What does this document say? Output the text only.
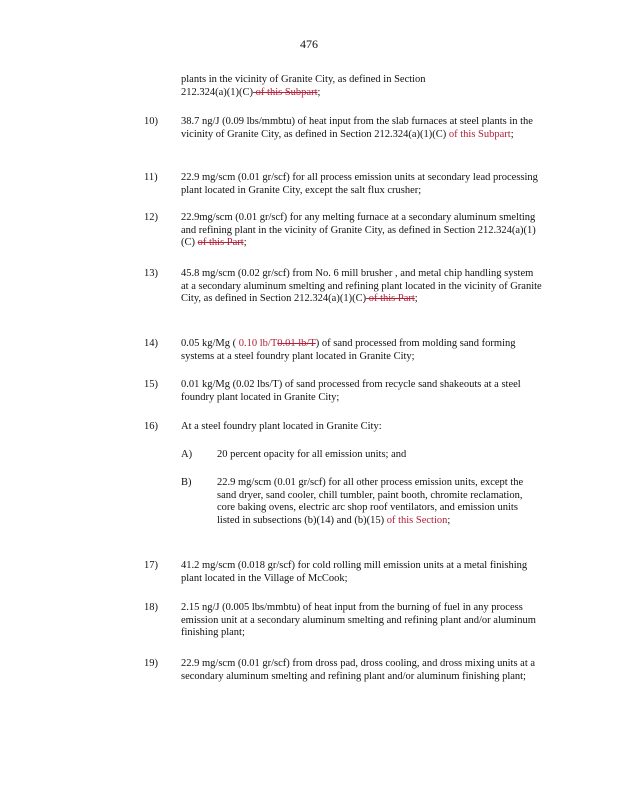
476
plants in the vicinity of Granite City, as defined in Section
212.324(a)(1)(C) of this Subpart;
10)	38.7 ng/J (0.09 lbs/mmbtu) of heat input from the slab furnaces at steel plants in the vicinity of Granite City, as defined in Section 212.324(a)(1)(C) of this Subpart;
11)	22.9 mg/scm (0.01 gr/scf) for all process emission units at secondary lead processing plant located in Granite City, except the salt flux crusher;
12)	22.9mg/scm (0.01 gr/scf) for any melting furnace at a secondary aluminum smelting and refining plant in the vicinity of Granite City, as defined in Section 212.324(a)(1)(C) of this Part;
13)	45.8 mg/scm (0.02 gr/scf) from No. 6 mill brusher , and metal chip handling system at a secondary aluminum smelting and refining plant located in the vicinity of Granite City, as defined in Section 212.324(a)(1)(C) of this Part;
14)	0.05 kg/Mg ( 0.10 lb/T0.01 lb/T) of sand processed from molding sand forming systems at a steel foundry plant located in Granite City;
15)	0.01 kg/Mg (0.02 lbs/T) of sand processed from recycle sand shakeouts at a steel foundry plant located in Granite City;
16)	At a steel foundry plant located in Granite City:
A) 20 percent opacity for all emission units; and
B) 22.9 mg/scm (0.01 gr/scf) for all other process emission units, except the sand dryer, sand cooler, chill tumbler, paint booth, chromite reclamation, core baking ovens, electric arc shop roof ventilators, and emission units listed in subsections (b)(14) and (b)(15) of this Section;
17)	41.2 mg/scm (0.018 gr/scf) for cold rolling mill emission units at a metal finishing plant located in the Village of McCook;
18)	2.15 ng/J (0.005 lbs/mmbtu) of heat input from the burning of fuel in any process emission unit at a secondary aluminum smelting and refining plant and/or aluminum finishing plant;
19)	22.9 mg/scm (0.01 gr/scf) from dross pad, dross cooling, and dross mixing units at a secondary aluminum smelting and refining plant and/or aluminum finishing plant;
